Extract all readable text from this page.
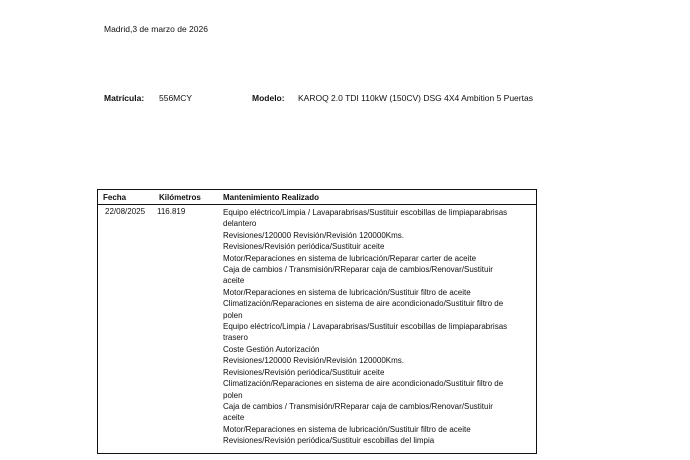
Madrid,3 de marzo de 2026
Matrícula: 556MCY	Modelo: KAROQ 2.0 TDI 110kW (150CV) DSG 4X4 Ambition 5 Puertas
Fecha	Kilómetros	Mantenimiento Realizado
22/08/2025 116.819	Equipo eléctrico/Limpia / Lavaparabrisas/Sustituir escobillas de limpiaparabrisas
delantero
Revisiones/120000 Revisión/Revisión 120000Kms.
Revisiones/Revisión periódica/Sustituir aceite
Motor/Reparaciones en sistema de lubricación/Reparar carter de aceite
Caja de cambios / Transmisión/RReparar caja de cambios/Renovar/Sustituir
aceite
Motor/Reparaciones en sistema de lubricación/Sustituir filtro de aceite
Climatización/Reparaciones en sistema de aire acondicionado/Sustituir filtro de
polen
Equipo eléctrico/Limpia / Lavaparabrisas/Sustituir escobillas de limpiaparabrisas
trasero
Coste Gestión Autorización
Revisiones/120000 Revisión/Revisión 120000Kms.
Revisiones/Revisión periódica/Sustituir aceite
Climatización/Reparaciones en sistema de aire acondicionado/Sustituir filtro de
polen
Caja de cambios / Transmisión/RReparar caja de cambios/Renovar/Sustituir
aceite
Motor/Reparaciones en sistema de lubricación/Sustituir filtro de aceite
Revisiones/Revisión periódica/Sustituir escobillas del limpia
